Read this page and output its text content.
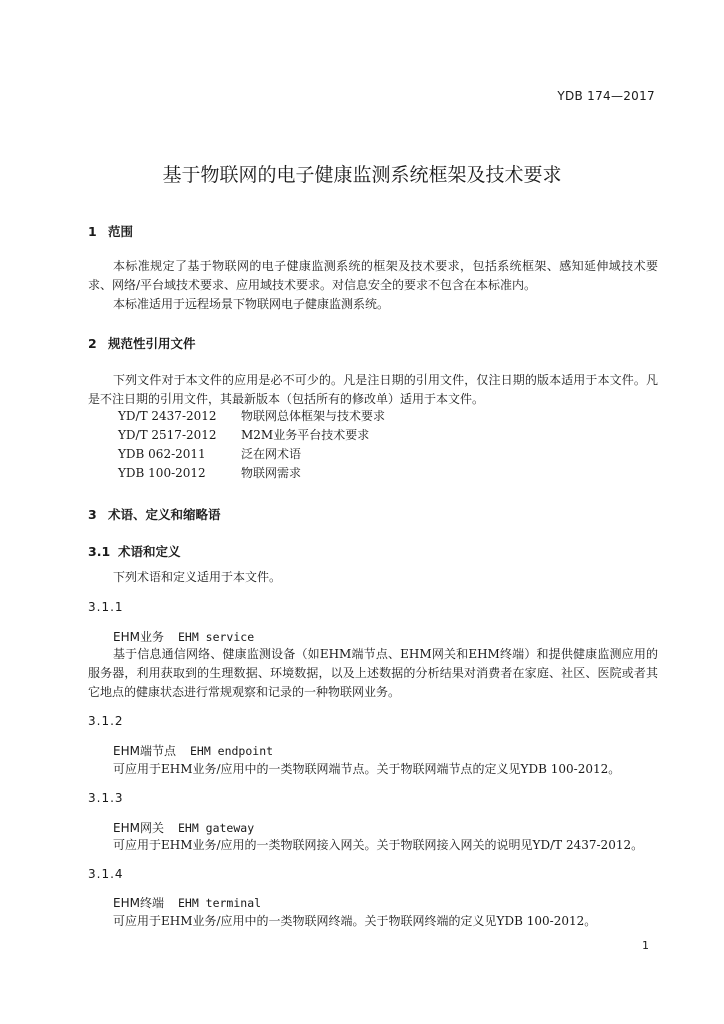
YDB 174—2017
基于物联网的电子健康监测系统框架及技术要求
1 范围

本标准规定了基于物联网的电子健康监测系统的框架及技术要求，包括系统框架、感知延伸域技术要求、网络/平台域技术要求、应用域技术要求。对信息安全的要求不包含在本标准内。

本标准适用于远程场景下物联网电子健康监测系统。

2 规范性引用文件

下列文件对于本文件的应用是必不可少的。凡是注日期的引用文件，仅注日期的版本适用于本文件。凡是不注日期的引用文件，其最新版本（包括所有的修改单）适用于本文件。

YD/T 2437-2012 物联网总体框架与技术要求
YD/T 2517-2012 M2M业务平台技术要求
YDB 062-2011	泛在网术语
YDB 100-2012	物联网需求
3 术语、定义和缩略语
3.1 术语和定义

下列术语和定义适用于本文件。

3.1.1
EHM业务 EHM service

基于信息通信网络、健康监测设备（如EHM端节点、EHM网关和EHM终端）和提供健康监测应用的服务器，利用获取到的生理数据、环境数据，以及上述数据的分析结果对消费者在家庭、社区、医院或者其它地点的健康状态进行常规观察和记录的一种物联网业务。

3.1.2
EHM端节点 EHM endpoint

可应用于EHM业务/应用中的一类物联网端节点。关于物联网端节点的定义见YDB 100-2012。

3.1.3
EHM网关 EHM gateway

可应用于EHM业务/应用的一类物联网接入网关。关于物联网接入网关的说明见YD/T 2437-2012。

3.1.4
EHM终端 EHM terminal

可应用于EHM业务/应用中的一类物联网终端。关于物联网终端的定义见YDB 100-2012。

1
